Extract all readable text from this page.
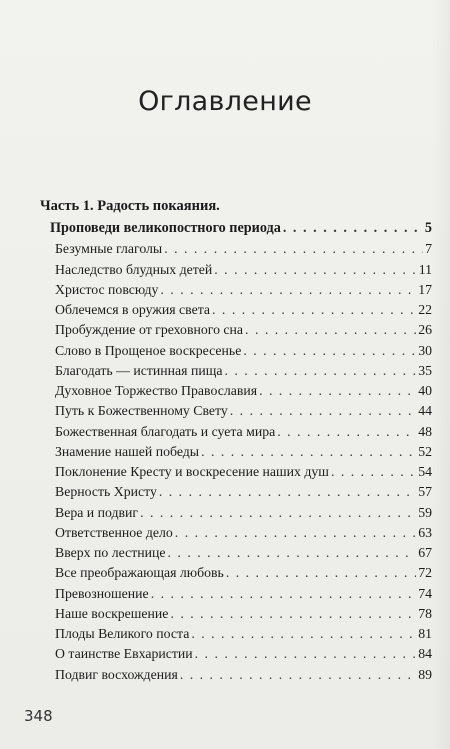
Оглавление
Часть 1. Радость покаяния.
Проповеди великопостного периода . . .	5
Безумные глаголы . . .	7
Наследство блудных детей . . .	11
Христос повсюду . . .	17
Облечемся в оружия света . . .	22
Пробуждение от греховного сна . . .	26
Слово в Прощеное воскресенье . . .	30
Благодать — истинная пища . . .	35
Духовное Торжество Православия . . .	40
Путь к Божественному Свету . . .	44
Божественная благодать и суета мира . . .	48
Знамение нашей победы . . .	52
Поклонение Кресту и воскресение наших душ . . .	54
Верность Христу . . .	57
Вера и подвиг . . .	59
Ответственное дело . . .	63
Вверх по лестнице . . .	67
Все преображающая любовь . . .	72
Превозношение . . .	74
Наше воскрешение . . .	78
Плоды Великого поста . . .	81
О таинстве Евхаристии . . .	84
Подвиг восхождения . . .	89
348
